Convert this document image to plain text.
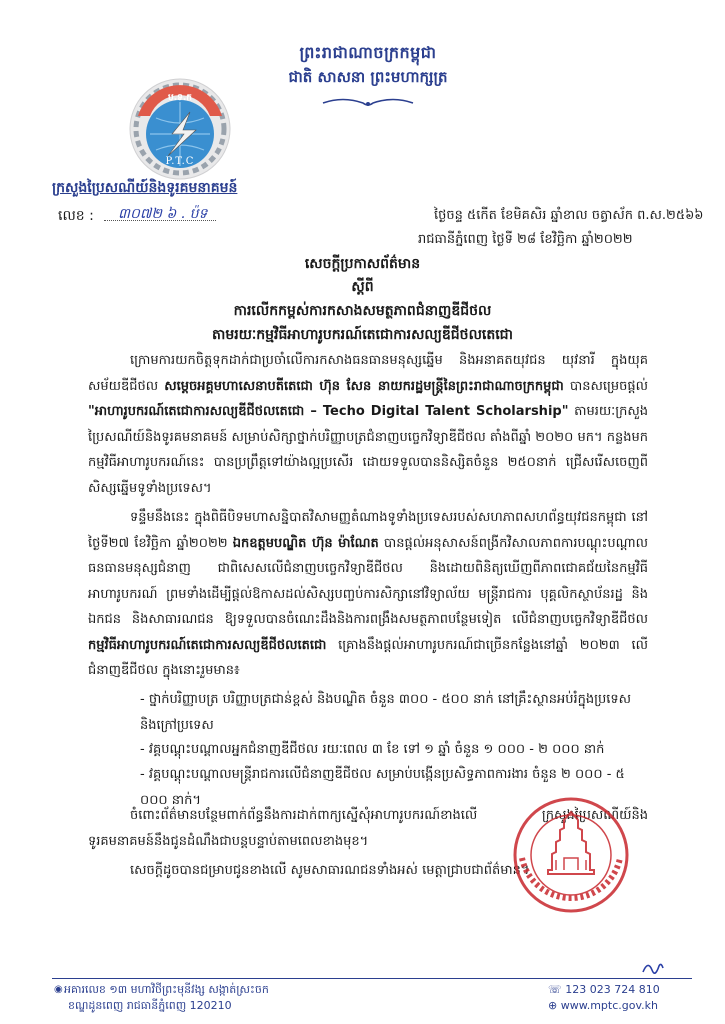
ព្រះរាជាណាចក្រកម្ពុជា
ជាតិ សាសនា ព្រះមហាក្សត្រ
ប.ទ.ក
P.T.C
ក្រសួងប្រៃសណីយ៍និងទូរគមនាគមន៍
លេខ : ៣០៧២ ៦ . ប៉ទ	ថ្ងៃចន្ទ ៥កើត ខែមិគសិរ ឆ្នាំខាល ចត្វាស័ក ព.ស.២៥៦៦
រាជធានីភ្នំពេញ ថ្ងៃទី ២៨ ខែវិច្ឆិកា ឆ្នាំ២០២២
សេចក្ដីប្រកាសព័ត៌មាន
ស្ដីពី
ការលើកកម្ពស់ការកសាងសមត្ថភាពជំនាញឌីជីថល
តាមរយៈកម្មវិធីអាហារូបករណ៍តេជោការសល្យឌីជីថលតេជោ
ក្រោមការយកចិត្តទុកដាក់ជាប្រចាំលើការកសាងធនធានមនុស្សឆ្នើម និងអនាគតយុវជន យុវនារី ក្នុងយុគសម័យឌីជីថល សម្ដេចអគ្គមហាសេនាបតីតេជោ ហ៊ុន សែន នាយករដ្ឋមន្ត្រីនៃព្រះរាជាណាចក្រកម្ពុជា បានសម្រេចផ្ដល់ "អាហារូបករណ៍តេជោការសល្យឌីជីថលតេជោ – Techo Digital Talent Scholarship" តាមរយៈក្រសួងប្រៃសណីយ៍និងទូរគមនាគមន៍ សម្រាប់សិក្សាថ្នាក់បរិញ្ញាបត្រជំនាញបច្ចេកវិទ្យាឌីជីថល តាំងពីឆ្នាំ ២០២០ មក។ កន្លងមក កម្មវិធីអាហារូបករណ៍នេះ បានប្រព្រឹត្តទៅយ៉ាងល្អប្រសើរ ដោយទទួលបាននិស្សិតចំនួន ២៥០នាក់ ជ្រើសរើសចេញពីសិស្សឆ្នើមទូទាំងប្រទេស។
ទន្ទឹមនឹងនេះ ក្នុងពិធីបិទមហាសន្និបាតវិសាមញ្ញតំណាងទូទាំងប្រទេសរបស់សហភាពសហព័ន្ធយុវជនកម្ពុជា នៅថ្ងៃទី២៧ ខែវិច្ឆិកា ឆ្នាំ២០២២ ឯកឧត្តមបណ្ឌិត ហ៊ុន ម៉ាណែត បានផ្ដល់អនុសាសន៍ពង្រីកវិសាលភាពការបណ្ដុះបណ្ដាលធនធានមនុស្សជំនាញ ជាពិសេសលើជំនាញបច្ចេកវិទ្យាឌីជីថល និងដោយពិនិត្យឃើញពីភាពជោគជ័យនៃកម្មវិធីអាហារូបករណ៍ ព្រមទាំងដើម្បីផ្ដល់ឱកាសដល់សិស្សបញ្ចប់ការសិក្សានៅវិទ្យាល័យ មន្ត្រីរាជការ បុគ្គលិកស្ថាប័នរដ្ឋ និងឯកជន និងសាធារណជន ឱ្យទទួលបានចំណេះដឹងនិងការពង្រឹងសមត្ថភាពបន្ថែមទៀត លើជំនាញបច្ចេកវិទ្យាឌីជីថល កម្មវិធីអាហារូបករណ៍តេជោការសល្យឌីជីថលតេជោ គ្រោងនឹងផ្ដល់អាហារូបករណ៍ជាច្រើនកន្លែងនៅឆ្នាំ ២០២៣ លើជំនាញឌីជីថល ក្នុងនោះរួមមាន៖
- ថ្នាក់បរិញ្ញាបត្រ បរិញ្ញាបត្រជាន់ខ្ពស់ និងបណ្ឌិត ចំនួន ៣០០ - ៥០០ នាក់ នៅគ្រឹះស្ថានអប់រំក្នុងប្រទេសនិងក្រៅប្រទេស
- វគ្គបណ្ដុះបណ្ដាលអ្នកជំនាញឌីជីថល រយៈពេល ៣ ខែ ទៅ ១ ឆ្នាំ ចំនួន ១ ០០០ - ២ ០០០ នាក់
- វគ្គបណ្ដុះបណ្ដាលមន្ត្រីរាជការលើជំនាញឌីជីថល សម្រាប់បង្កើនប្រសិទ្ធភាពការងារ ចំនួន ២ ០០០ - ៥ ០០០ នាក់។
ចំពោះព័ត៌មានបន្ថែមពាក់ព័ន្ធនឹងការដាក់ពាក្យស្នើសុំអាហារូបករណ៍ខាងលើ ក្រសួងប្រៃសណីយ៍និងទូរគមនាគមន៍នឹងជូនដំណឹងជាបន្តបន្ទាប់តាមពេលខាងមុខ។
សេចក្ដីដូចបានជម្រាបជូនខាងលើ សូមសាធារណជនទាំងអស់ មេត្តាជ្រាបជាព័ត៌មាន។
◉ អគារលេខ ១៣ មហាវិថីព្រះមុនីវង្ស សង្កាត់ស្រះចក
ខណ្ឌដូនពេញ រាជធានីភ្នំពេញ 120210
☏ 123 023 724 810
⊕ www.mptc.gov.kh
